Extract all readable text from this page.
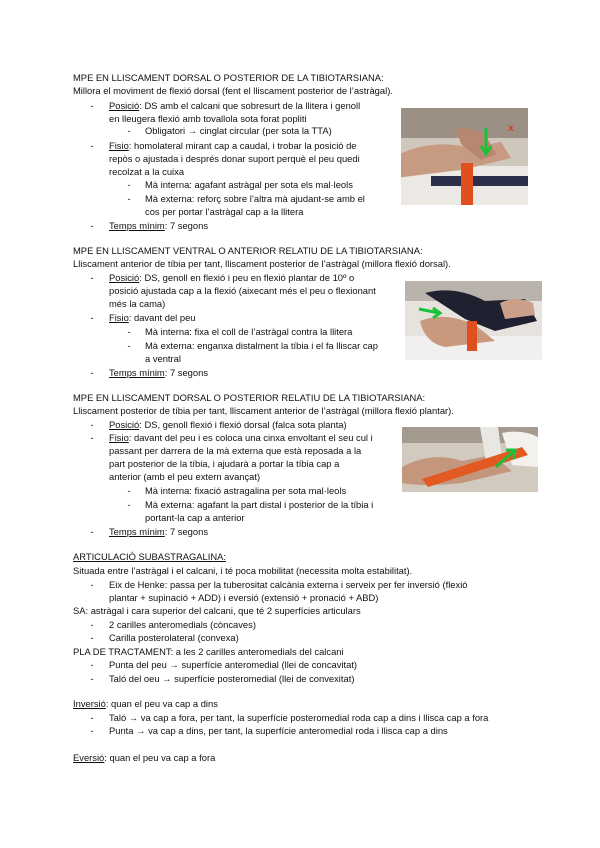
MPE EN LLISCAMENT DORSAL O POSTERIOR DE LA TIBIOTARSIANA:
Millora el moviment de flexió dorsal (fent el lliscament posterior de l’astràgal).
- Posició: DS amb el calcani que sobresurt de la llitera i genoll
en lleugera flexió amb tovallola sota forat popliti
- Obligatori → cinglat circular (per sota la TTA)
- Fisio: homolateral mirant cap a caudal, i trobar la posició de
repòs o ajustada i després donar suport perquè el peu quedi
recolzat a la cuixa
- Mà interna: agafant astràgal per sota els mal·leols
- Mà externa: reforç sobre l’altra mà ajudant-se amb el
cos per portar l’astràgal cap a la llitera
- Temps mínim: 7 segons
x
MPE EN LLISCAMENT VENTRAL O ANTERIOR RELATIU DE LA TIBIOTARSIANA:
Lliscament anterior de tíbia per tant, lliscament posterior de l’astràgal (millora flexió dorsal).
- Posició: DS, genoll en flexió i peu en flexió plantar de 10º o
posició ajustada cap a la flexió (aixecant més el peu o flexionant
més la cama)
- Fisio: davant del peu
- Mà interna: fixa el coll de l’astràgal contra la llitera
- Mà externa: enganxa distalment la tíbia i el fa lliscar cap
a ventral
- Temps mínim: 7 segons
MPE EN LLISCAMENT DORSAL O POSTERIOR RELATIU DE LA TIBIOTARSIANA:
Lliscament posterior de tíbia per tant, lliscament anterior de l’astràgal (millora flexió plantar).
- Posició: DS, genoll flexió i flexió dorsal (falca sota planta)
- Fisio: davant del peu i es coloca una cinxa envoltant el seu cul i
passant per darrera de la mà externa que està reposada a la
part posterior de la tíbia, i ajudarà a portar la tíbia cap a
anterior (amb el peu extern avançat)
- Mà interna: fixació astragalina per sota mal·leols
- Mà externa: agafant la part distal i posterior de la tíbia i
portant-la cap a anterior
- Temps mínim: 7 segons
ARTICULACIÓ SUBASTRAGALINA:
Situada entre l’astràgal i el calcani, i té poca mobilitat (necessita molta estabilitat).
- Eix de Henke: passa per la tuberositat calcània externa i serveix per fer inversió (flexió
plantar + supinació + ADD) i eversió (extensió + pronació + ABD)
SA: astràgal i cara superior del calcani, que té 2 superfícies articulars
- 2 carilles anteromedials (còncaves)
- Carilla posterolateral (convexa)
PLA DE TRACTAMENT: a les 2 carilles anteromedials del calcani
- Punta del peu → superfície anteromedial (llei de concavitat)
- Taló del oeu → superfície posteromedial (llei de convexitat)
Inversió: quan el peu va cap a dins
- Taló → va cap a fora, per tant, la superfície posteromedial roda cap a dins i llisca cap a fora
- Punta → va cap a dins, per tant, la superfície anteromedial roda i llisca cap a dins
Eversió: quan el peu va cap a fora
